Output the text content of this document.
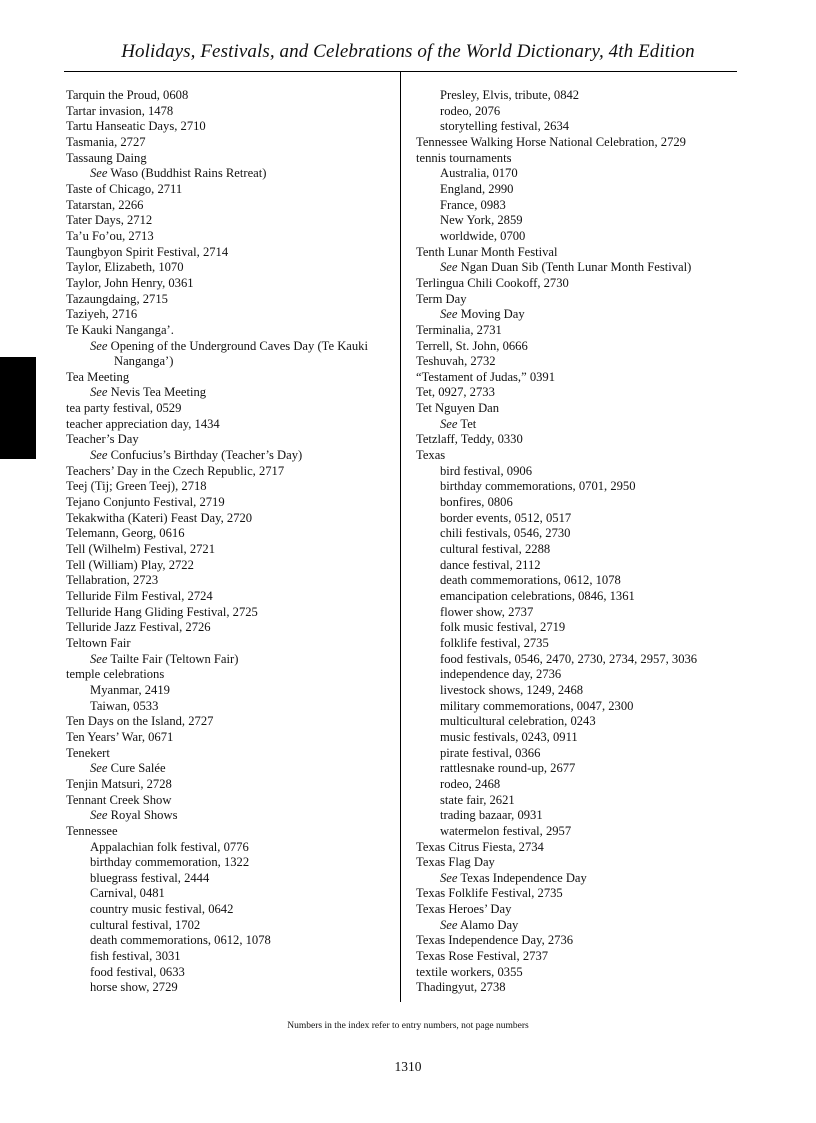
Holidays, Festivals, and Celebrations of the World Dictionary, 4th Edition
Tarquin the Proud, 0608
Tartar invasion, 1478
Tartu Hanseatic Days, 2710
Tasmania, 2727
Tassaung Daing
See Waso (Buddhist Rains Retreat)
Taste of Chicago, 2711
Tatarstan, 2266
Tater Days, 2712
Ta’u Fo’ou, 2713
Taungbyon Spirit Festival, 2714
Taylor, Elizabeth, 1070
Taylor, John Henry, 0361
Tazaungdaing, 2715
Taziyeh, 2716
Te Kauki Nanganga’.
See Opening of the Underground Caves Day (Te Kauki
Nanganga’)
Tea Meeting
See Nevis Tea Meeting
tea party festival, 0529
teacher appreciation day, 1434
Teacher’s Day
See Confucius’s Birthday (Teacher’s Day)
Teachers’ Day in the Czech Republic, 2717
Teej (Tij; Green Teej), 2718
Tejano Conjunto Festival, 2719
Tekakwitha (Kateri) Feast Day, 2720
Telemann, Georg, 0616
Tell (Wilhelm) Festival, 2721
Tell (William) Play, 2722
Tellabration, 2723
Telluride Film Festival, 2724
Telluride Hang Gliding Festival, 2725
Telluride Jazz Festival, 2726
Teltown Fair
See Tailte Fair (Teltown Fair)
temple celebrations
Myanmar, 2419
Taiwan, 0533
Ten Days on the Island, 2727
Ten Years’ War, 0671
Tenekert
See Cure Salée
Tenjin Matsuri, 2728
Tennant Creek Show
See Royal Shows
Tennessee
Appalachian folk festival, 0776
birthday commemoration, 1322
bluegrass festival, 2444
Carnival, 0481
country music festival, 0642
cultural festival, 1702
death commemorations, 0612, 1078
fish festival, 3031
food festival, 0633
horse show, 2729
Presley, Elvis, tribute, 0842
rodeo, 2076
storytelling festival, 2634
Tennessee Walking Horse National Celebration, 2729
tennis tournaments
Australia, 0170
England, 2990
France, 0983
New York, 2859
worldwide, 0700
Tenth Lunar Month Festival
See Ngan Duan Sib (Tenth Lunar Month Festival)
Terlingua Chili Cookoff, 2730
Term Day
See Moving Day
Terminalia, 2731
Terrell, St. John, 0666
Teshuvah, 2732
“Testament of Judas,” 0391
Tet, 0927, 2733
Tet Nguyen Dan
See Tet
Tetzlaff, Teddy, 0330
Texas
bird festival, 0906
birthday commemorations, 0701, 2950
bonfires, 0806
border events, 0512, 0517
chili festivals, 0546, 2730
cultural festival, 2288
dance festival, 2112
death commemorations, 0612, 1078
emancipation celebrations, 0846, 1361
flower show, 2737
folk music festival, 2719
folklife festival, 2735
food festivals, 0546, 2470, 2730, 2734, 2957, 3036
independence day, 2736
livestock shows, 1249, 2468
military commemorations, 0047, 2300
multicultural celebration, 0243
music festivals, 0243, 0911
pirate festival, 0366
rattlesnake round-up, 2677
rodeo, 2468
state fair, 2621
trading bazaar, 0931
watermelon festival, 2957
Texas Citrus Fiesta, 2734
Texas Flag Day
See Texas Independence Day
Texas Folklife Festival, 2735
Texas Heroes’ Day
See Alamo Day
Texas Independence Day, 2736
Texas Rose Festival, 2737
textile workers, 0355
Thadingyut, 2738
Numbers in the index refer to entry numbers, not page numbers
1310
